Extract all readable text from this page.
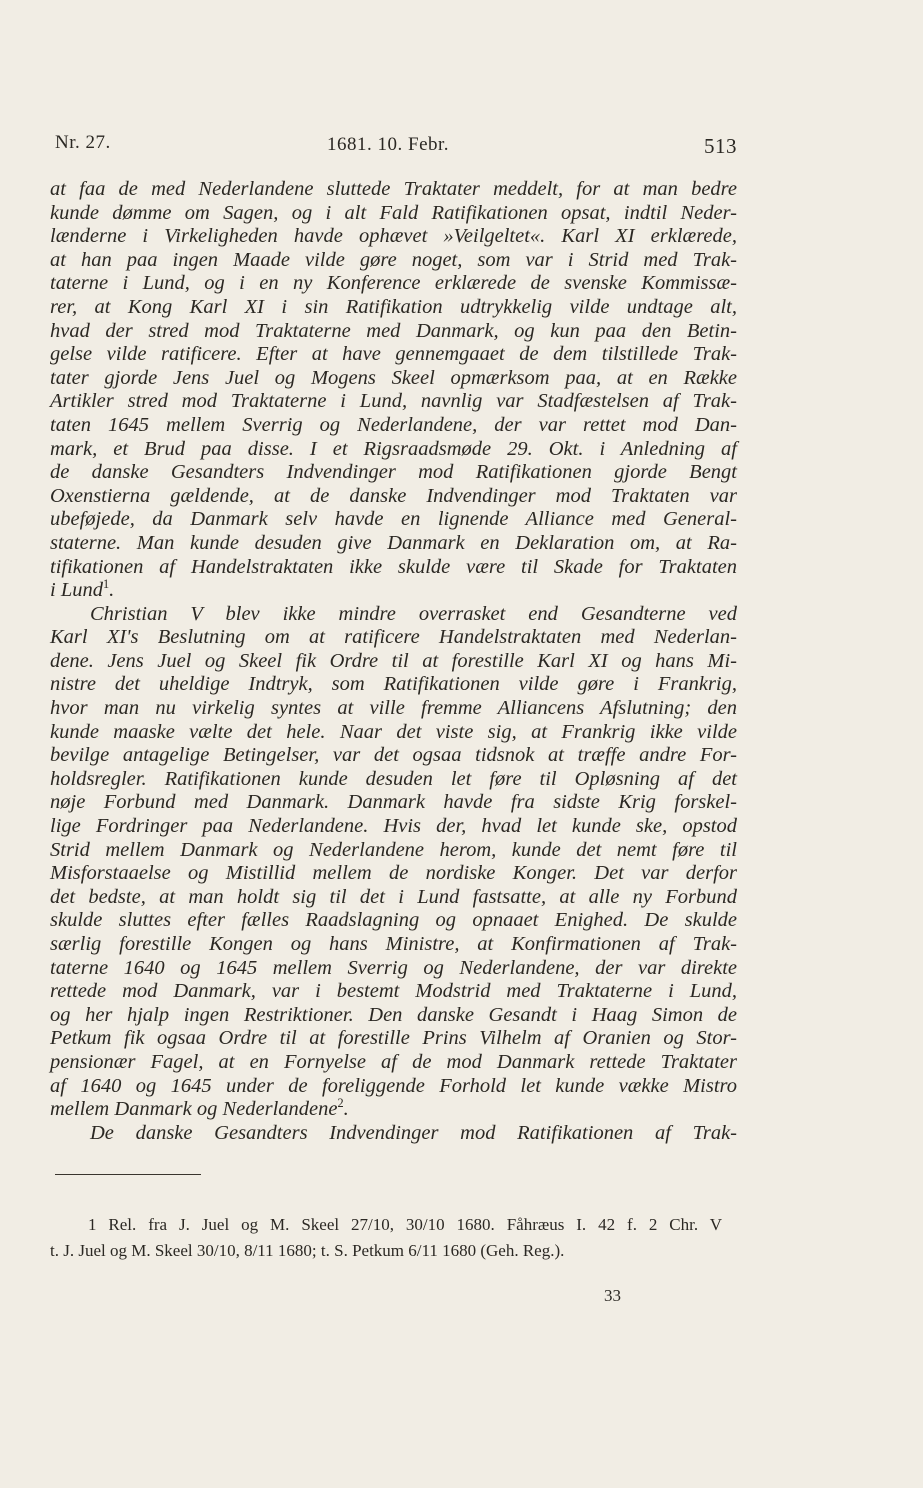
Nr. 27.	1681. 10. Febr.	513
at faa de med Nederlandene sluttede Traktater meddelt, for at man bedre
kunde dømme om Sagen, og i alt Fald Ratifikationen opsat, indtil Neder-
lænderne i Virkeligheden havde ophævet »Veilgeltet«. Karl XI erklærede,
at han paa ingen Maade vilde gøre noget, som var i Strid med Trak-
taterne i Lund, og i en ny Konference erklærede de svenske Kommissæ-
rer, at Kong Karl XI i sin Ratifikation udtrykkelig vilde undtage alt,
hvad der stred mod Traktaterne med Danmark, og kun paa den Betin-
gelse vilde ratificere. Efter at have gennemgaaet de dem tilstillede Trak-
tater gjorde Jens Juel og Mogens Skeel opmærksom paa, at en Række
Artikler stred mod Traktaterne i Lund, navnlig var Stadfæstelsen af Trak-
taten 1645 mellem Sverrig og Nederlandene, der var rettet mod Dan-
mark, et Brud paa disse. I et Rigsraadsmøde 29. Okt. i Anledning af
de danske Gesandters Indvendinger mod Ratifikationen gjorde Bengt
Oxenstierna gældende, at de danske Indvendinger mod Traktaten var
ubeføjede, da Danmark selv havde en lignende Alliance med General-
staterne. Man kunde desuden give Danmark en Deklaration om, at Ra-
tifikationen af Handelstraktaten ikke skulde være til Skade for Traktaten
i Lund$^1$.
Christian V blev ikke mindre overrasket end Gesandterne ved
Karl XI's Beslutning om at ratificere Handelstraktaten med Nederlan-
dene. Jens Juel og Skeel fik Ordre til at forestille Karl XI og hans Mi-
nistre det uheldige Indtryk, som Ratifikationen vilde gøre i Frankrig,
hvor man nu virkelig syntes at ville fremme Alliancens Afslutning; den
kunde maaske vælte det hele. Naar det viste sig, at Frankrig ikke vilde
bevilge antagelige Betingelser, var det ogsaa tidsnok at træffe andre For-
holdsregler. Ratifikationen kunde desuden let føre til Opløsning af det
nøje Forbund med Danmark. Danmark havde fra sidste Krig forskel-
lige Fordringer paa Nederlandene. Hvis der, hvad let kunde ske, opstod
Strid mellem Danmark og Nederlandene herom, kunde det nemt føre til
Misforstaaelse og Mistillid mellem de nordiske Konger. Det var derfor
det bedste, at man holdt sig til det i Lund fastsatte, at alle ny Forbund
skulde sluttes efter fælles Raadslagning og opnaaet Enighed. De skulde
særlig forestille Kongen og hans Ministre, at Konfirmationen af Trak-
taterne 1640 og 1645 mellem Sverrig og Nederlandene, der var direkte
rettede mod Danmark, var i bestemt Modstrid med Traktaterne i Lund,
og her hjalp ingen Restriktioner. Den danske Gesandt i Haag Simon de
Petkum fik ogsaa Ordre til at forestille Prins Vilhelm af Oranien og Stor-
pensionær Fagel, at en Fornyelse af de mod Danmark rettede Traktater
af 1640 og 1645 under de foreliggende Forhold let kunde vække Mistro
mellem Danmark og Nederlandene$^2$.
De danske Gesandters Indvendinger mod Ratifikationen af Trak-
1 Rel. fra J. Juel og M. Skeel 27/10, 30/10 1680. Fåhræus I. 42 f. 2 Chr. V
t. J. Juel og M. Skeel 30/10, 8/11 1680; t. S. Petkum 6/11 1680 (Geh. Reg.).
33
